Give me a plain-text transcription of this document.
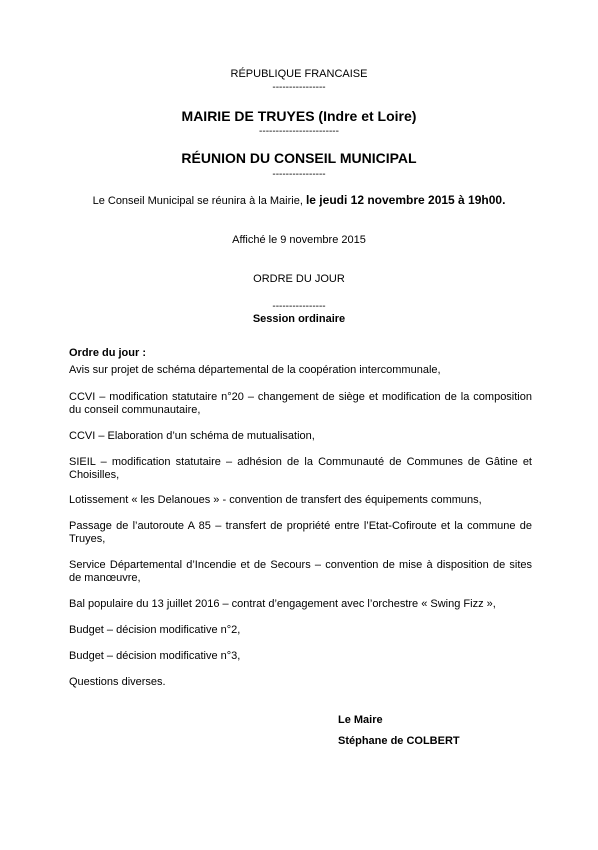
RÉPUBLIQUE FRANCAISE
----------------
MAIRIE DE TRUYES (Indre et Loire)
------------------------
RÉUNION DU CONSEIL MUNICIPAL
----------------
Le Conseil Municipal se réunira à la Mairie, le jeudi 12 novembre 2015 à 19h00.
Affiché le 9 novembre 2015
ORDRE DU JOUR
----------------
Session ordinaire
Ordre du jour :
Avis sur projet de schéma départemental de la coopération intercommunale,
CCVI – modification statutaire n°20 – changement de siège et modification de la composition du conseil communautaire,
CCVI – Elaboration d’un schéma de mutualisation,
SIEIL – modification statutaire – adhésion de la Communauté de Communes de Gâtine et Choisilles,
Lotissement « les Delanoues » - convention de transfert des équipements communs,
Passage de l’autoroute A 85 – transfert de propriété entre l’Etat-Cofiroute et la commune de Truyes,
Service Départemental d’Incendie et de Secours – convention de mise à disposition de sites de manœuvre,
Bal populaire du 13 juillet 2016 – contrat d’engagement avec l’orchestre « Swing Fizz »,
Budget – décision modificative n°2,
Budget – décision modificative n°3,
Questions diverses.
Le Maire
Stéphane de COLBERT
